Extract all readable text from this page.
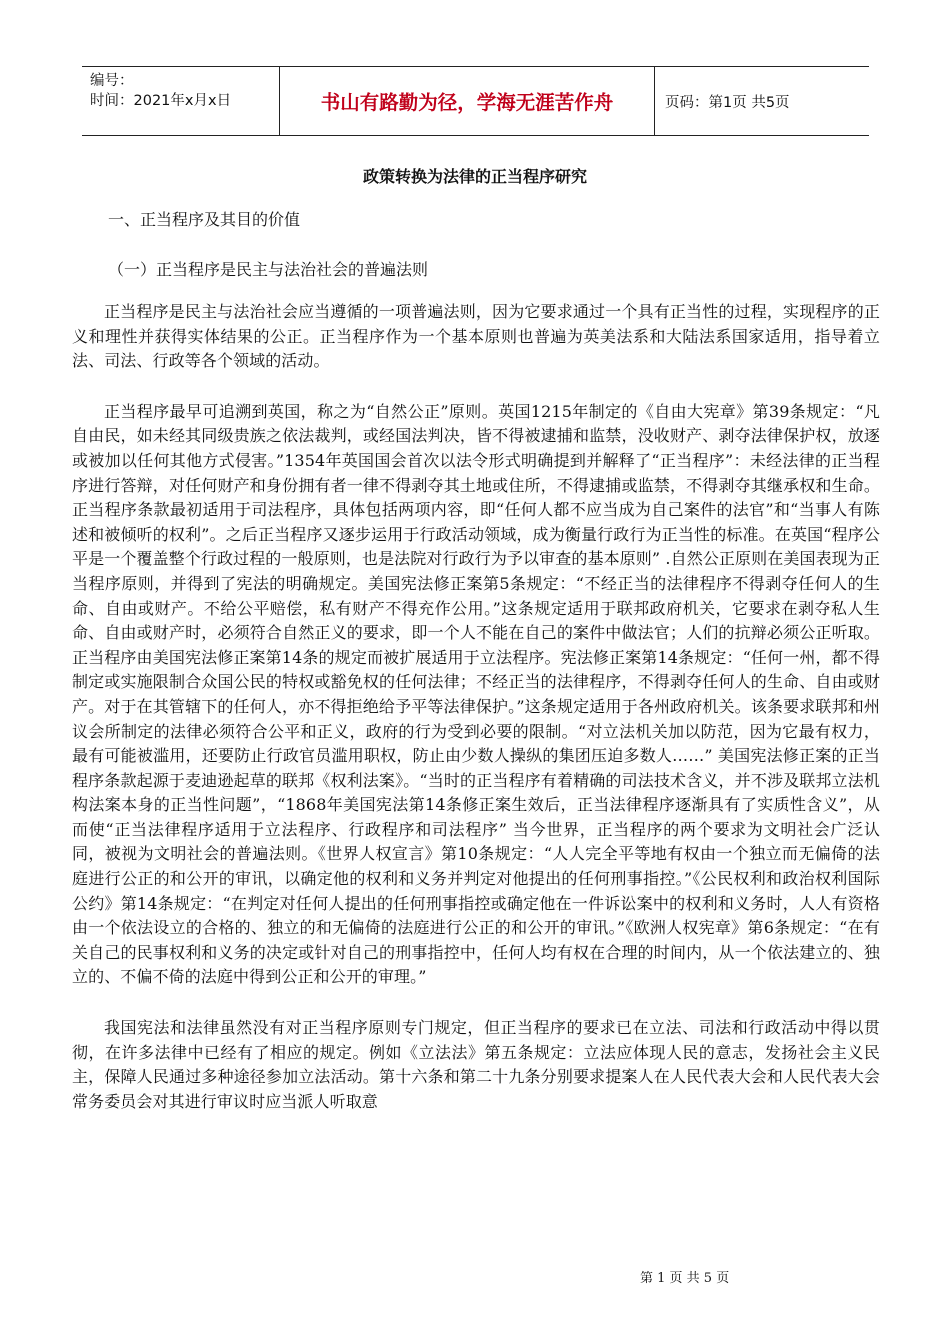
编号：
时间：2021年x月x日	书山有路勤为径，学海无涯苦作舟	页码：第1页 共5页
政策转换为法律的正当程序研究
一、正当程序及其目的价值
（一）正当程序是民主与法治社会的普遍法则

正当程序是民主与法治社会应当遵循的一项普遍法则，因为它要求通过一个具有正当性的过程，实现程序的正义和理性并获得实体结果的公正。正当程序作为一个基本原则也普遍为英美法系和大陆法系国家适用，指导着立法、司法、行政等各个领域的活动。

正当程序最早可追溯到英国，称之为“自然公正”原则。英国1215年制定的《自由大宪章》第39条规定：“凡自由民，如未经其同级贵族之依法裁判，或经国法判决，皆不得被逮捕和监禁，没收财产、剥夺法律保护权，放逐或被加以任何其他方式侵害。”1354年英国国会首次以法令形式明确提到并解释了“正当程序”：未经法律的正当程序进行答辩，对任何财产和身份拥有者一律不得剥夺其土地或住所，不得逮捕或监禁，不得剥夺其继承权和生命。正当程序条款最初适用于司法程序，具体包括两项内容，即“任何人都不应当成为自己案件的法官”和“当事人有陈述和被倾听的权利”。之后正当程序又逐步运用于行政活动领域，成为衡量行政行为正当性的标准。在英国“程序公平是一个覆盖整个行政过程的一般原则，也是法院对行政行为予以审查的基本原则” .自然公正原则在美国表现为正当程序原则，并得到了宪法的明确规定。美国宪法修正案第5条规定：“不经正当的法律程序不得剥夺任何人的生命、自由或财产。不给公平赔偿，私有财产不得充作公用。”这条规定适用于联邦政府机关，它要求在剥夺私人生命、自由或财产时，必须符合自然正义的要求，即一个人不能在自己的案件中做法官；人们的抗辩必须公正听取。正当程序由美国宪法修正案第14条的规定而被扩展适用于立法程序。宪法修正案第14条规定：“任何一州，都不得制定或实施限制合众国公民的特权或豁免权的任何法律；不经正当的法律程序，不得剥夺任何人的生命、自由或财产。对于在其管辖下的任何人，亦不得拒绝给予平等法律保护。”这条规定适用于各州政府机关。该条要求联邦和州议会所制定的法律必须符合公平和正义，政府的行为受到必要的限制。“对立法机关加以防范，因为它最有权力，最有可能被滥用，还要防止行政官员滥用职权，防止由少数人操纵的集团压迫多数人……” 美国宪法修正案的正当程序条款起源于麦迪逊起草的联邦《权利法案》。“当时的正当程序有着精确的司法技术含义，并不涉及联邦立法机构法案本身的正当性问题”，“1868年美国宪法第14条修正案生效后，正当法律程序逐渐具有了实质性含义”，从而使“正当法律程序适用于立法程序、行政程序和司法程序” 当今世界，正当程序的两个要求为文明社会广泛认同，被视为文明社会的普遍法则。《世界人权宣言》第10条规定：“人人完全平等地有权由一个独立而无偏倚的法庭进行公正的和公开的审讯，以确定他的权利和义务并判定对他提出的任何刑事指控。”《公民权利和政治权利国际公约》第14条规定：“在判定对任何人提出的任何刑事指控或确定他在一件诉讼案中的权利和义务时，人人有资格由一个依法设立的合格的、独立的和无偏倚的法庭进行公正的和公开的审讯。”《欧洲人权宪章》第6条规定：“在有关自己的民事权利和义务的决定或针对自己的刑事指控中，任何人均有权在合理的时间内，从一个依法建立的、独立的、不偏不倚的法庭中得到公正和公开的审理。”

我国宪法和法律虽然没有对正当程序原则专门规定，但正当程序的要求已在立法、司法和行政活动中得以贯彻，在许多法律中已经有了相应的规定。例如《立法法》第五条规定：立法应体现人民的意志，发扬社会主义民主，保障人民通过多种途径参加立法活动。第十六条和第二十九条分别要求提案人在人民代表大会和人民代表大会常务委员会对其进行审议时应当派人听取意

第 1 页 共 5 页
